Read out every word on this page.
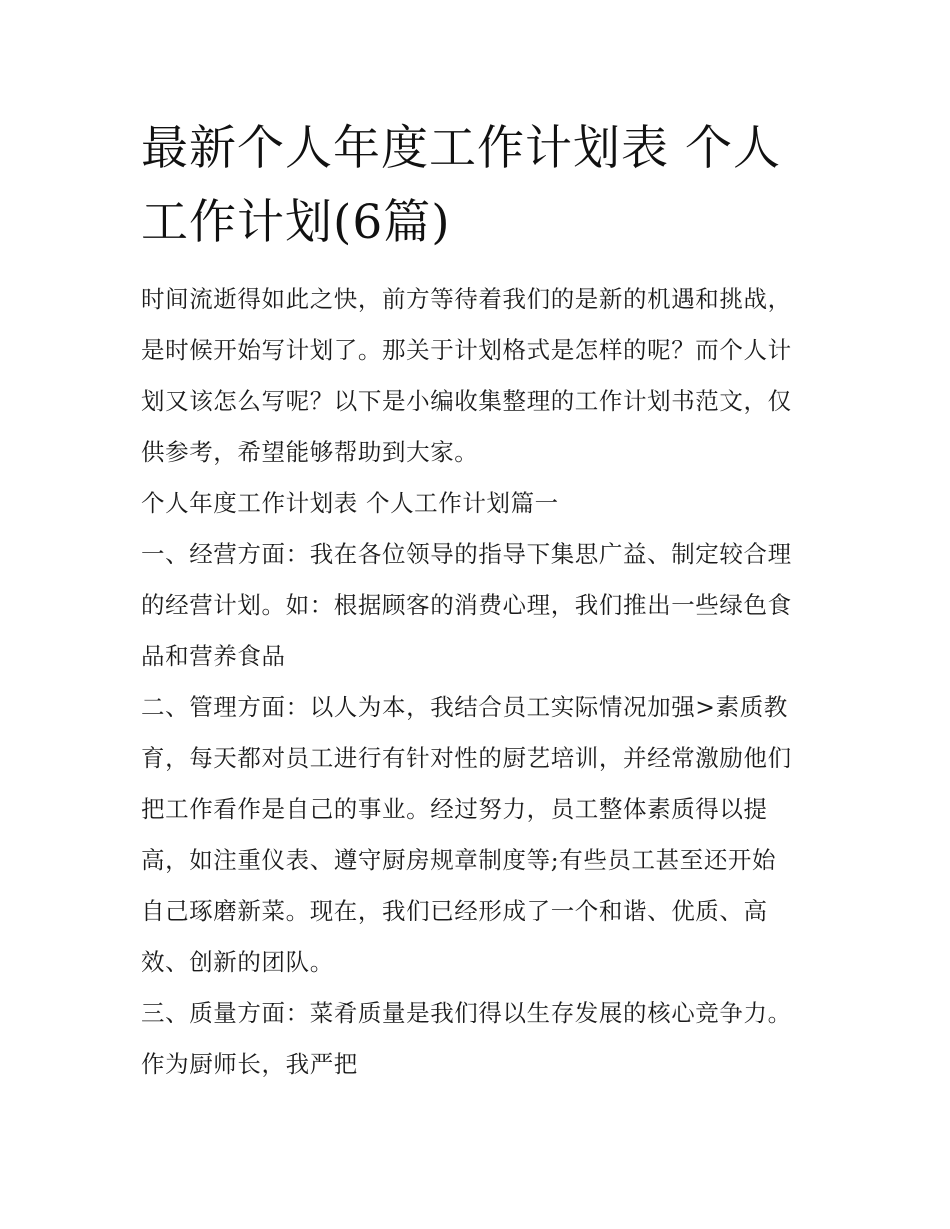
最新个人年度工作计划表 个人
工作计划(6篇)

时间流逝得如此之快，前方等待着我们的是新的机遇和挑战，
是时候开始写计划了。那关于计划格式是怎样的呢？而个人计
划又该怎么写呢？以下是小编收集整理的工作计划书范文，仅
供参考，希望能够帮助到大家。

个人年度工作计划表 个人工作计划篇一

一、经营方面：我在各位领导的指导下集思广益、制定较合理
的经营计划。如：根据顾客的消费心理，我们推出一些绿色食
品和营养食品

二、管理方面：以人为本，我结合员工实际情况加强>素质教
育，每天都对员工进行有针对性的厨艺培训，并经常激励他们
把工作看作是自己的事业。经过努力，员工整体素质得以提
高，如注重仪表、遵守厨房规章制度等;有些员工甚至还开始
自己琢磨新菜。现在，我们已经形成了一个和谐、优质、高
效、创新的团队。

三、质量方面：菜肴质量是我们得以生存发展的核心竞争力。
作为厨师长，我严把
